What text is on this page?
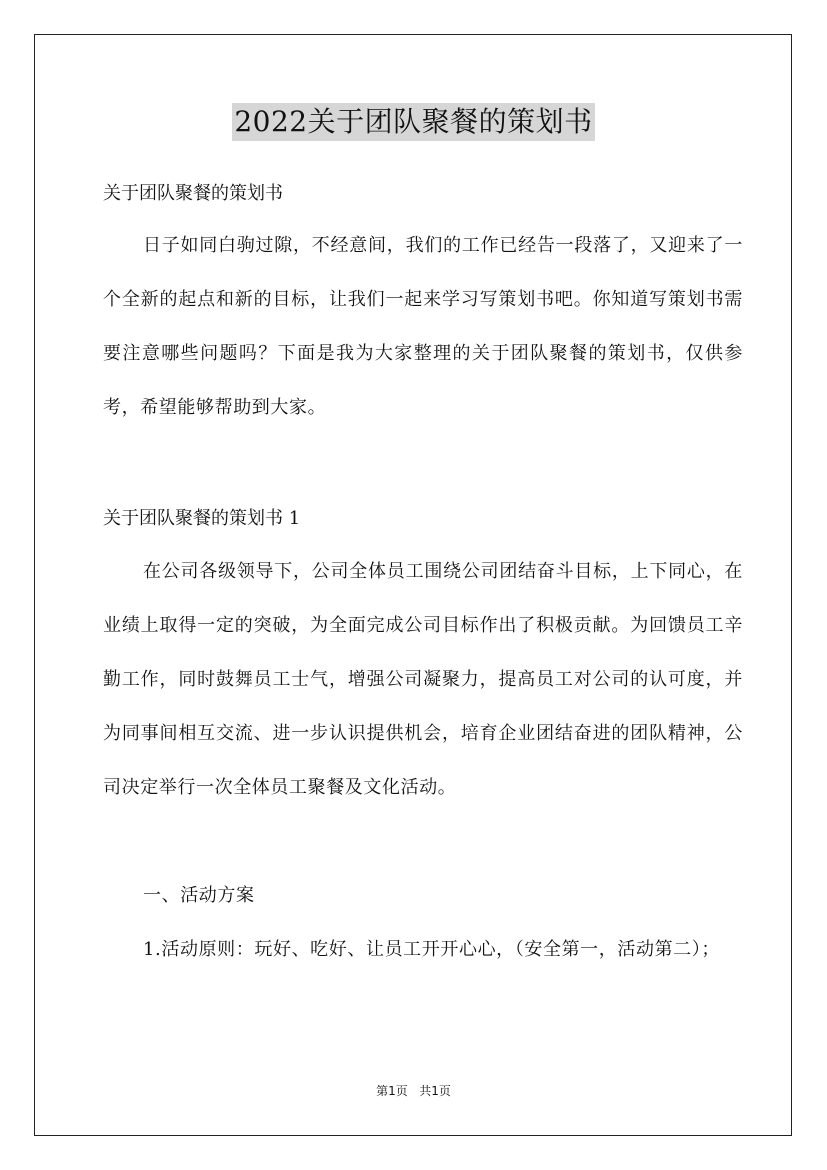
2022关于团队聚餐的策划书
关于团队聚餐的策划书
日子如同白驹过隙，不经意间，我们的工作已经告一段落了，又迎来了一个全新的起点和新的目标，让我们一起来学习写策划书吧。你知道写策划书需要注意哪些问题吗？下面是我为大家整理的关于团队聚餐的策划书，仅供参考，希望能够帮助到大家。
关于团队聚餐的策划书 1
在公司各级领导下，公司全体员工围绕公司团结奋斗目标，上下同心，在业绩上取得一定的突破，为全面完成公司目标作出了积极贡献。为回馈员工辛勤工作，同时鼓舞员工士气，增强公司凝聚力，提高员工对公司的认可度，并为同事间相互交流、进一步认识提供机会，培育企业团结奋进的团队精神，公司决定举行一次全体员工聚餐及文化活动。
一、活动方案
1.活动原则：玩好、吃好、让员工开开心心，（安全第一，活动第二）；
第1页 共1页
